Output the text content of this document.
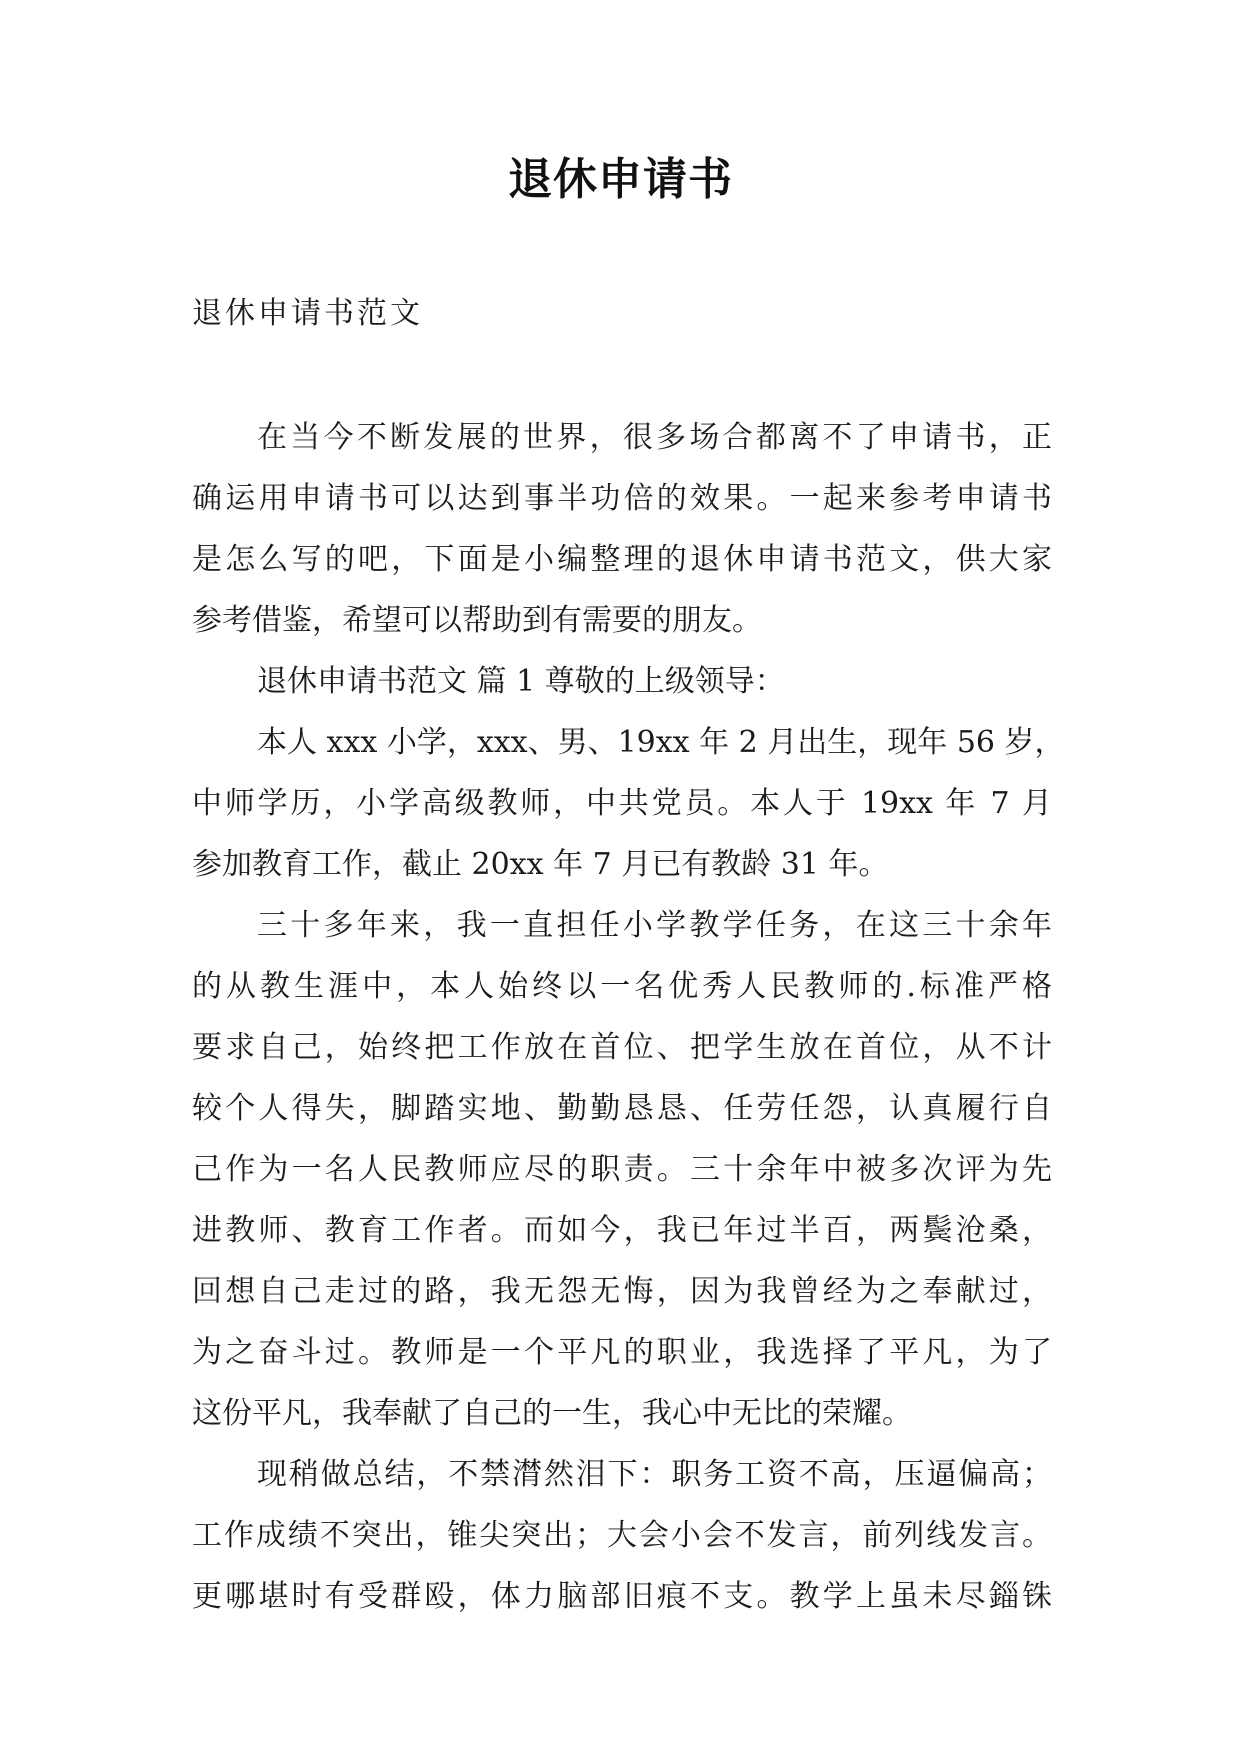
退休申请书
退休申请书范文
在当今不断发展的世界，很多场合都离不了申请书，正
确运用申请书可以达到事半功倍的效果。一起来参考申请书
是怎么写的吧，下面是小编整理的退休申请书范文，供大家
参考借鉴，希望可以帮助到有需要的朋友。
退休申请书范文 篇 1 尊敬的上级领导：
本人 xxx 小学，xxx、男、19xx 年 2 月出生，现年 56 岁，
中师学历，小学高级教师，中共党员。本人于 19xx 年 7 月
参加教育工作，截止 20xx 年 7 月已有教龄 31 年。
三十多年来，我一直担任小学教学任务，在这三十余年
的从教生涯中，本人始终以一名优秀人民教师的.标准严格
要求自己，始终把工作放在首位、把学生放在首位，从不计
较个人得失，脚踏实地、勤勤恳恳、任劳任怨，认真履行自
己作为一名人民教师应尽的职责。三十余年中被多次评为先
进教师、教育工作者。而如今，我已年过半百，两鬓沧桑，
回想自己走过的路，我无怨无悔，因为我曾经为之奉献过，
为之奋斗过。教师是一个平凡的职业，我选择了平凡，为了
这份平凡，我奉献了自己的一生，我心中无比的荣耀。
现稍做总结，不禁潸然泪下：职务工资不高，压逼偏高；
工作成绩不突出，锥尖突出；大会小会不发言，前列线发言。
更哪堪时有受群殴，体力脑部旧痕不支。教学上虽未尽錙铢
